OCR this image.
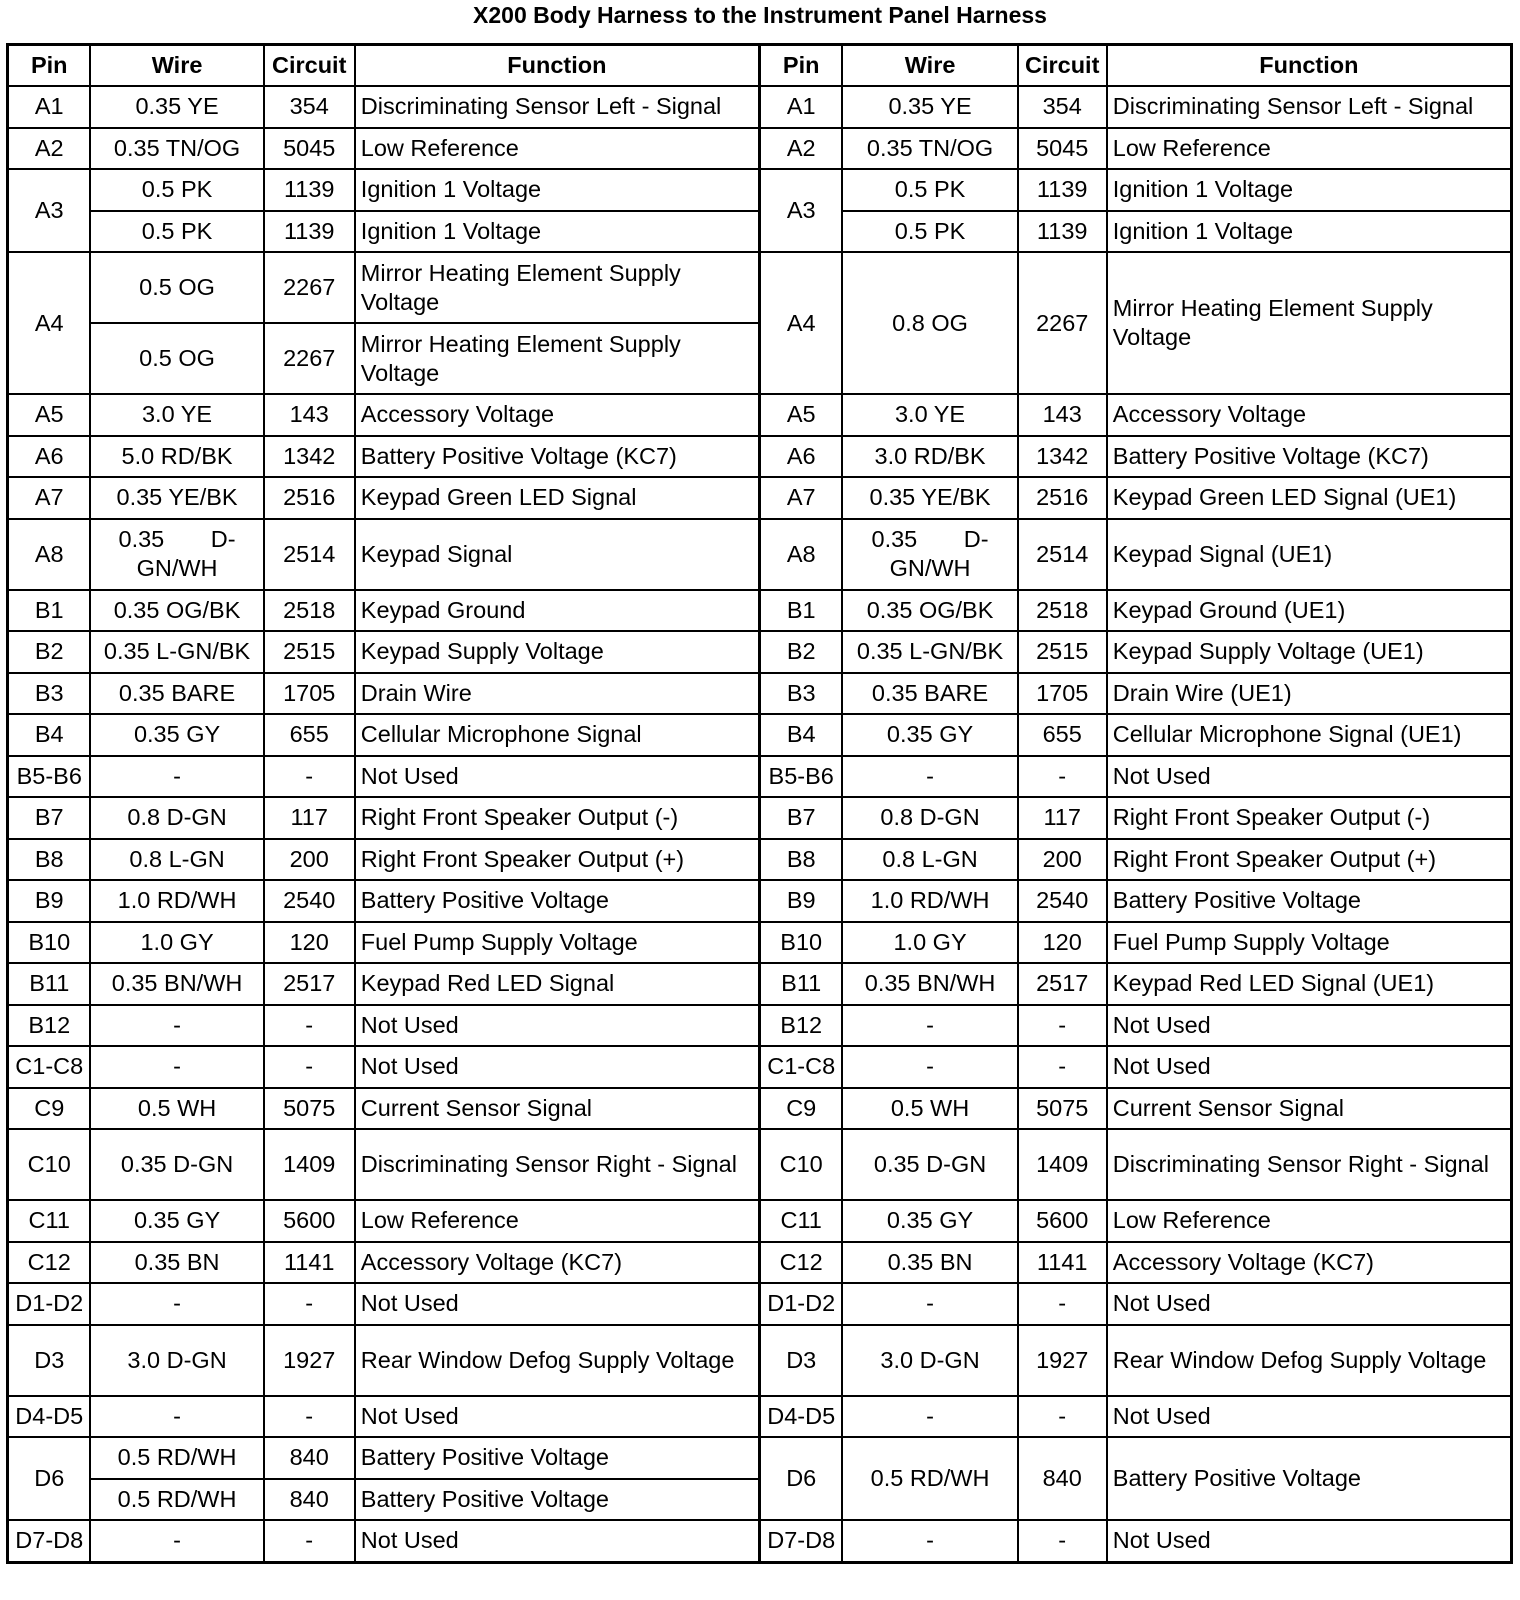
X200 Body Harness to the Instrument Panel Harness
Pin	Wire	Circuit	Function	Pin	Wire	Circuit	Function
A1	0.35 YE	354	Discriminating Sensor Left - Signal	A1	0.35 YE	354	Discriminating Sensor Left - Signal
A2	0.35 TN/OG	5045	Low Reference	A2	0.35 TN/OG	5045	Low Reference
A3	0.5 PK	1139	Ignition 1 Voltage	A3	0.5 PK	1139	Ignition 1 Voltage
	0.5 PK	1139	Ignition 1 Voltage		0.5 PK	1139	Ignition 1 Voltage
A4	0.5 OG	2267	Mirror Heating Element Supply Voltage	A4	0.8 OG	2267	Mirror Heating Element Supply Voltage
	0.5 OG	2267	Mirror Heating Element Supply Voltage				
A5	3.0 YE	143	Accessory Voltage	A5	3.0 YE	143	Accessory Voltage
A6	5.0 RD/BK	1342	Battery Positive Voltage (KC7)	A6	3.0 RD/BK	1342	Battery Positive Voltage (KC7)
A7	0.35 YE/BK	2516	Keypad Green LED Signal	A7	0.35 YE/BK	2516	Keypad Green LED Signal (UE1)
A8	0.35 D-GN/WH	2514	Keypad Signal	A8	0.35 D-GN/WH	2514	Keypad Signal (UE1)
B1	0.35 OG/BK	2518	Keypad Ground	B1	0.35 OG/BK	2518	Keypad Ground (UE1)
B2	0.35 L-GN/BK	2515	Keypad Supply Voltage	B2	0.35 L-GN/BK	2515	Keypad Supply Voltage (UE1)
B3	0.35 BARE	1705	Drain Wire	B3	0.35 BARE	1705	Drain Wire (UE1)
B4	0.35 GY	655	Cellular Microphone Signal	B4	0.35 GY	655	Cellular Microphone Signal (UE1)
B5-B6	-	-	Not Used	B5-B6	-	-	Not Used
B7	0.8 D-GN	117	Right Front Speaker Output (-)	B7	0.8 D-GN	117	Right Front Speaker Output (-)
B8	0.8 L-GN	200	Right Front Speaker Output (+)	B8	0.8 L-GN	200	Right Front Speaker Output (+)
B9	1.0 RD/WH	2540	Battery Positive Voltage	B9	1.0 RD/WH	2540	Battery Positive Voltage
B10	1.0 GY	120	Fuel Pump Supply Voltage	B10	1.0 GY	120	Fuel Pump Supply Voltage
B11	0.35 BN/WH	2517	Keypad Red LED Signal	B11	0.35 BN/WH	2517	Keypad Red LED Signal (UE1)
B12	-	-	Not Used	B12	-	-	Not Used
C1-C8	-	-	Not Used	C1-C8	-	-	Not Used
C9	0.5 WH	5075	Current Sensor Signal	C9	0.5 WH	5075	Current Sensor Signal
C10	0.35 D-GN	1409	Discriminating Sensor Right - Signal	C10	0.35 D-GN	1409	Discriminating Sensor Right - Signal
C11	0.35 GY	5600	Low Reference	C11	0.35 GY	5600	Low Reference
C12	0.35 BN	1141	Accessory Voltage (KC7)	C12	0.35 BN	1141	Accessory Voltage (KC7)
D1-D2	-	-	Not Used	D1-D2	-	-	Not Used
D3	3.0 D-GN	1927	Rear Window Defog Supply Voltage	D3	3.0 D-GN	1927	Rear Window Defog Supply Voltage
D4-D5	-	-	Not Used	D4-D5	-	-	Not Used
D6	0.5 RD/WH	840	Battery Positive Voltage	D6	0.5 RD/WH	840	Battery Positive Voltage
	0.5 RD/WH	840	Battery Positive Voltage				
D7-D8	-	-	Not Used	D7-D8	-	-	Not Used
